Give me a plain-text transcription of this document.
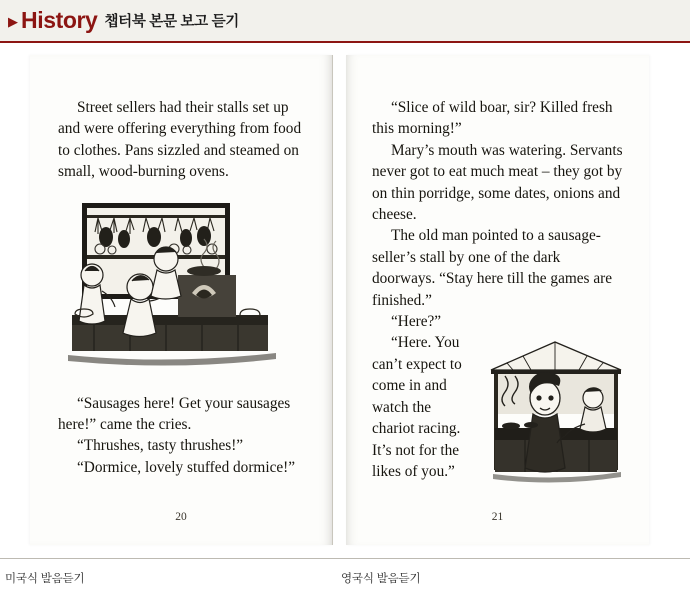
▶ History 챕터북 본문 보고 듣기

Street sellers had their stalls set up and were offering everything from food to clothes. Pans sizzled and steamed on small, wood-burning ovens.

“Sausages here! Get your sausages here!” came the cries.

“Thrushes, tasty thrushes!”

“Dormice, lovely stuffed dormice!”

20

“Slice of wild boar, sir? Killed fresh this morning!”

Mary’s mouth was watering. Servants never got to eat much meat – they got by on thin porridge, some dates, onions and cheese.

The old man pointed to a sausage-seller’s stall by one of the dark doorways. “Stay here till the games are finished.”

“Here?”

“Here. You can’t expect to come in and watch the chariot racing. It’s not for the likes of you.”

21
미국식 발음듣기	영국식 발음듣기
